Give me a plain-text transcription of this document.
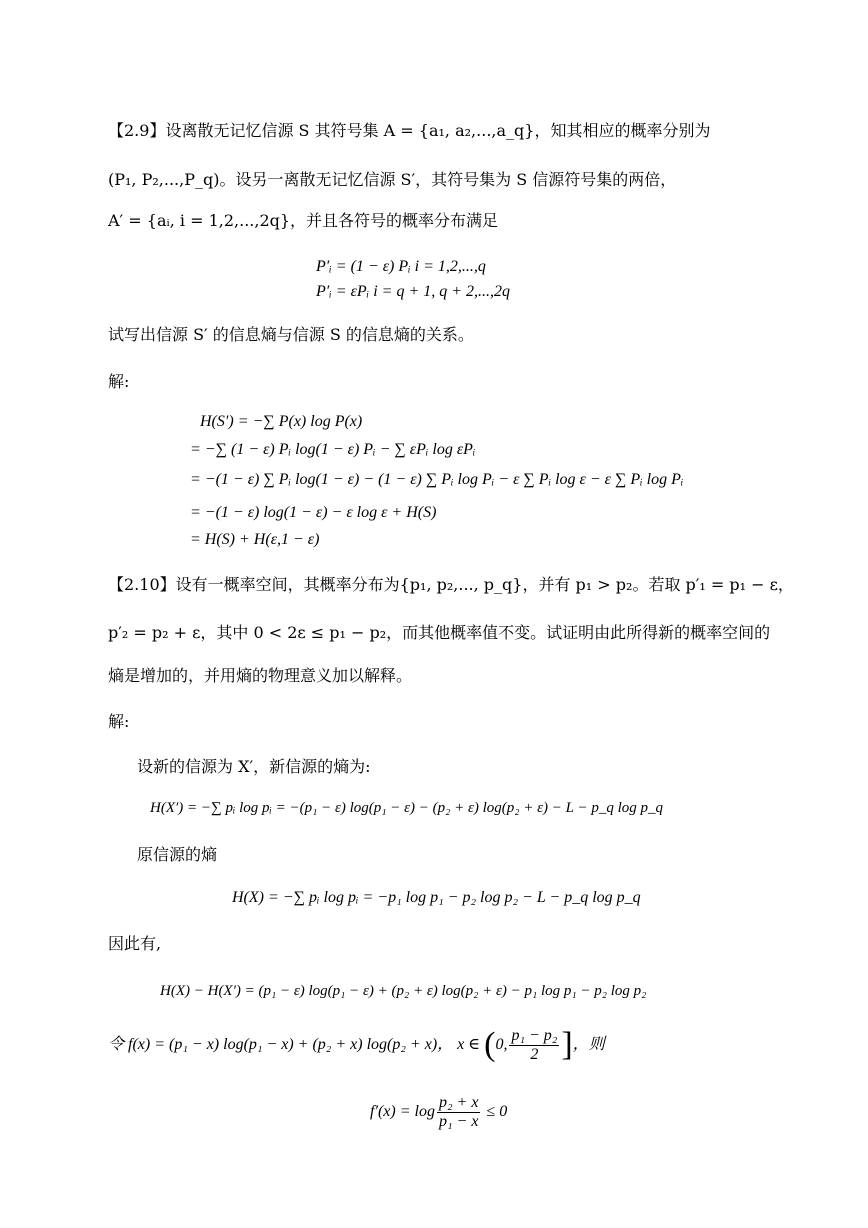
【2.9】设离散无记忆信源 S 其符号集 A = {a₁, a₂,...,a_q}，知其相应的概率分别为
(P₁, P₂,...,P_q)。设另一离散无记忆信源 S′，其符号集为 S 信源符号集的两倍，
A′ = {aᵢ, i = 1,2,...,2q}，并且各符号的概率分布满足
P′ᵢ = (1 − ε) Pᵢ i = 1,2,...,q
P′ᵢ = εPᵢ i = q + 1, q + 2,...,2q
试写出信源 S′ 的信息熵与信源 S 的信息熵的关系。
解:
H(S′) = −∑ P(x) log P(x)
= −∑ (1 − ε) Pᵢ log(1 − ε) Pᵢ − ∑ εPᵢ log εPᵢ
= −(1 − ε) ∑ Pᵢ log(1 − ε) − (1 − ε) ∑ Pᵢ log Pᵢ − ε ∑ Pᵢ log ε − ε ∑ Pᵢ log Pᵢ
= −(1 − ε) log(1 − ε) − ε log ε + H(S)
= H(S) + H(ε,1 − ε)
【2.10】设有一概率空间，其概率分布为{p₁, p₂,..., p_q}，并有 p₁ > p₂。若取 p′₁ = p₁ − ε，
p′₂ = p₂ + ε，其中 0 < 2ε ≤ p₁ − p₂，而其他概率值不变。试证明由此所得新的概率空间的
熵是增加的，并用熵的物理意义加以解释。
解:
设新的信源为 X′，新信源的熵为:
H(X′) = −∑ pᵢ log pᵢ = −(p₁ − ε) log(p₁ − ε) − (p₂ + ε) log(p₂ + ε) − L − p_q log p_q
原信源的熵
H(X) = −∑ pᵢ log pᵢ = −p₁ log p₁ − p₂ log p₂ − L − p_q log p_q
因此有,
H(X) − H(X′) = (p₁ − ε) log(p₁ − ε) + (p₂ + ε) log(p₂ + ε) − p₁ log p₁ − p₂ log p₂
令 f(x) = (p₁ − x) log(p₁ − x) + (p₂ + x) log(p₂ + x)， x ∈ (0, $\frac{\text{p₁ − p₂}}{2}$ ]，则
$f'(x) = \log \frac{\text{p₂ + x}}{\text{p₁ − x}} \le 0$
